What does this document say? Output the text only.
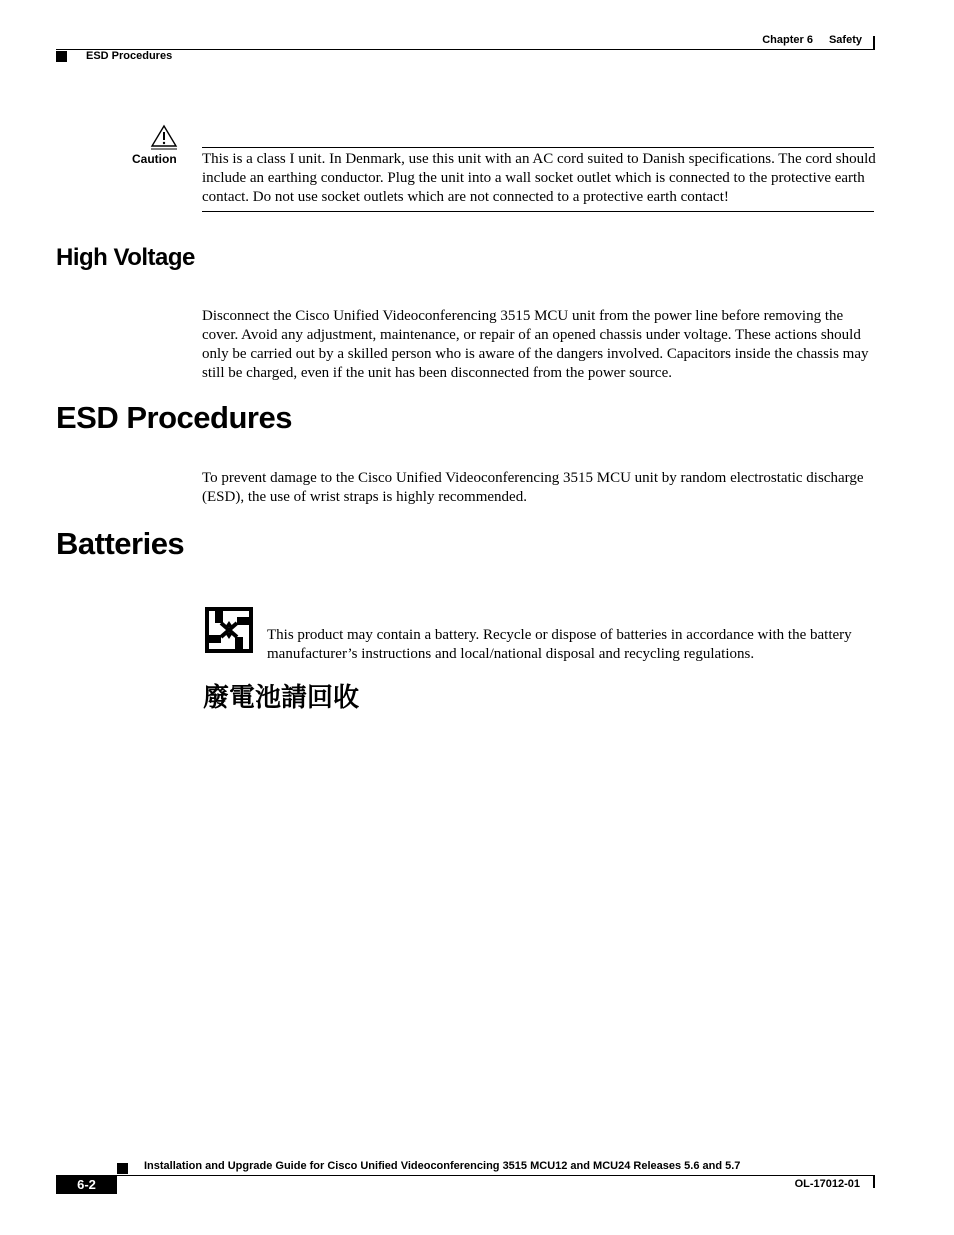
Chapter 6 Safety
ESD Procedures
Caution This is a class I unit. In Denmark, use this unit with an AC cord suited to Danish specifications. The cord should include an earthing conductor. Plug the unit into a wall socket outlet which is connected to the protective earth contact. Do not use socket outlets which are not connected to a protective earth contact!
High Voltage

Disconnect the Cisco Unified Videoconferencing 3515 MCU unit from the power line before removing the cover. Avoid any adjustment, maintenance, or repair of an opened chassis under voltage. These actions should only be carried out by a skilled person who is aware of the dangers involved. Capacitors inside the chassis may still be charged, even if the unit has been disconnected from the power source.

ESD Procedures

To prevent damage to the Cisco Unified Videoconferencing 3515 MCU unit by random electrostatic discharge (ESD), the use of wrist straps is highly recommended.

Batteries

This product may contain a battery. Recycle or dispose of batteries in accordance with the battery manufacturer’s instructions and local/national disposal and recycling regulations.

廢電池請回收
Installation and Upgrade Guide for Cisco Unified Videoconferencing 3515 MCU12 and MCU24 Releases 5.6 and 5.7
6-2	OL-17012-01
